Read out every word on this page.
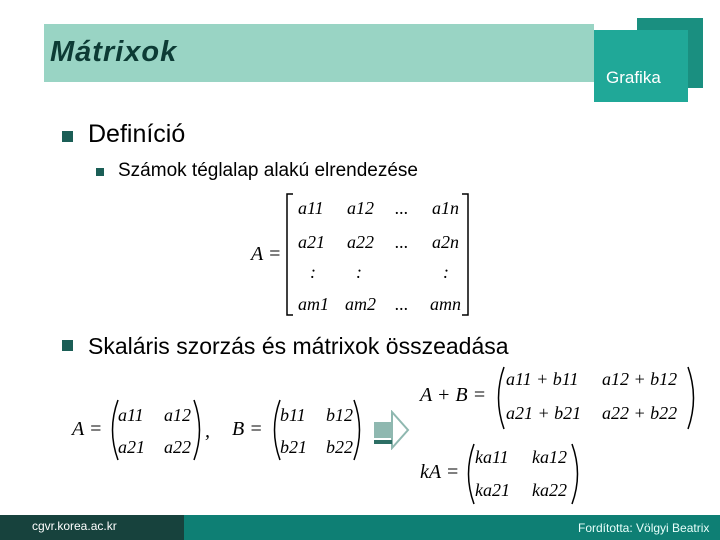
Mátrixok
Grafika
Definíció
Számok téglalap alakú elrendezése
A =
a11 a12 ... a1n
a21 a22 ... a2n
: :	:
am1 am2 ... amn
Skaláris szorzás és mátrixok összeadása
A =
a11 a12
a21 a22
, B =
b11 b12
b21 b22
A + B =
a11 + b11 a12 + b12
a21 + b21 a22 + b22
kA =
ka11 ka12
ka21 ka22
cgvr.korea.ac.kr	Fordította: Völgyi Beatrix
